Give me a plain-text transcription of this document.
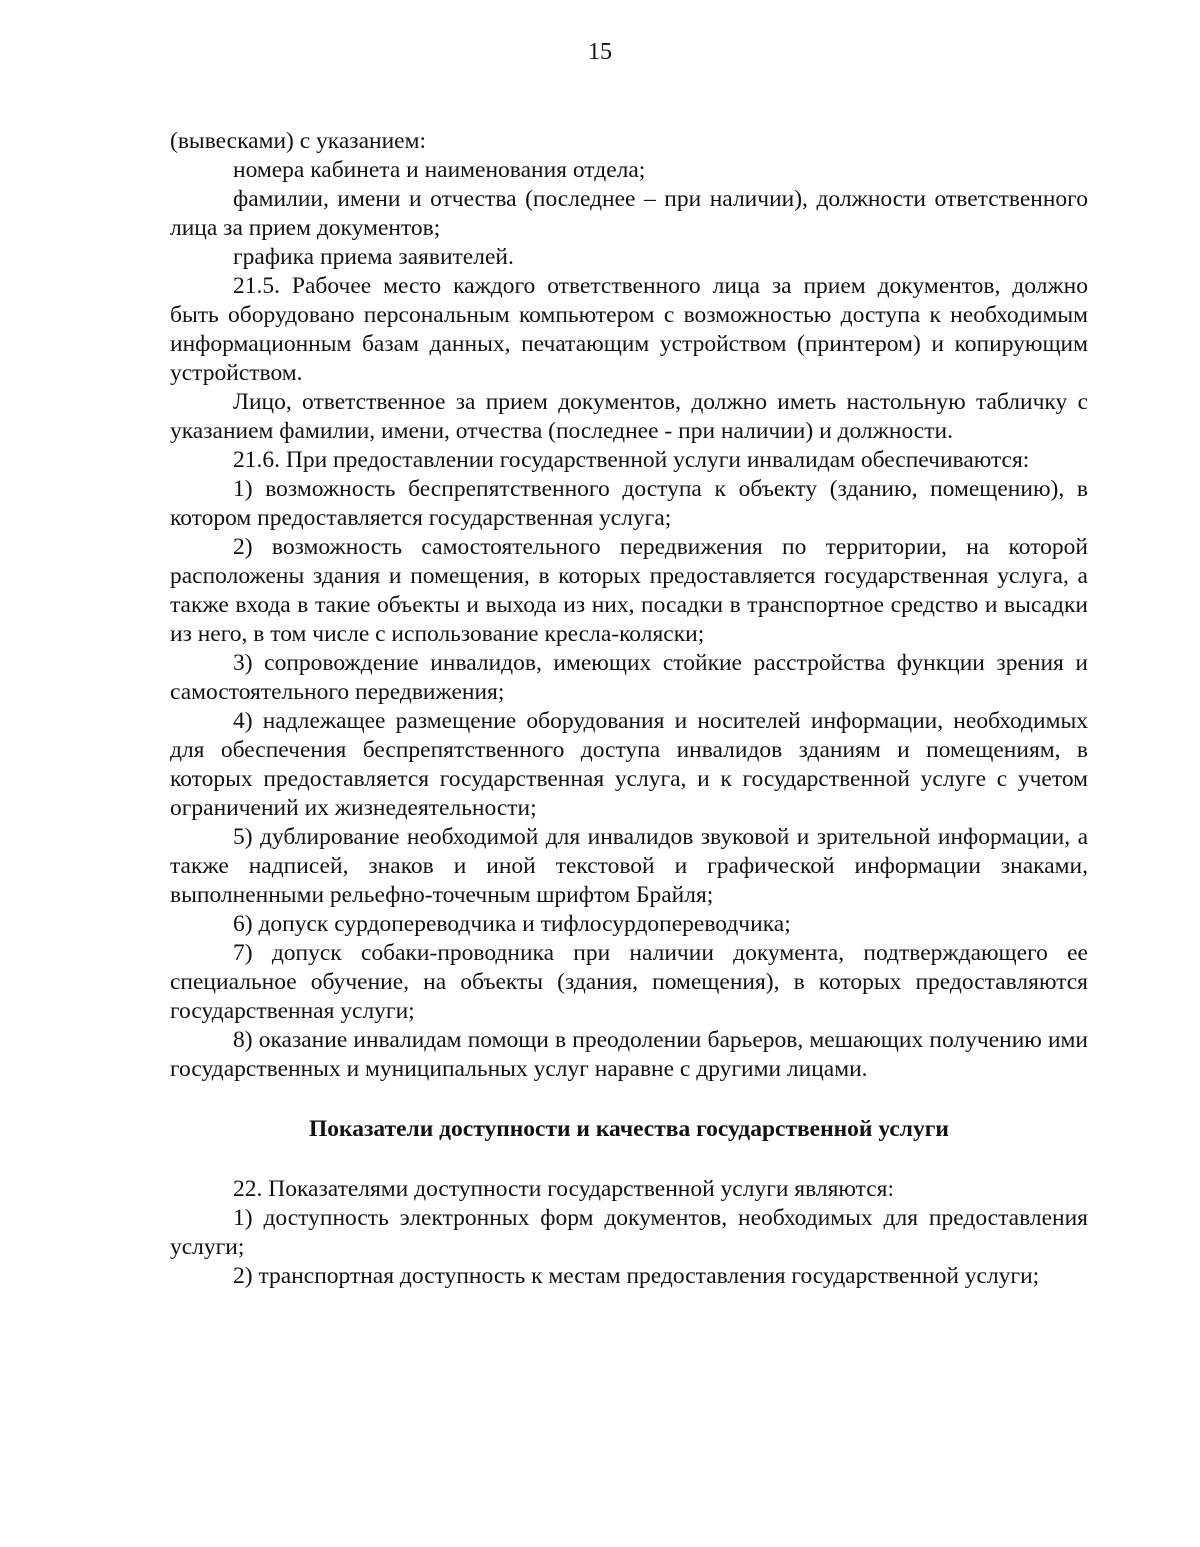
15

(вывесками) с указанием:

номера кабинета и наименования отдела;

фамилии, имени и отчества (последнее – при наличии), должности ответственного лица за прием документов;

графика приема заявителей.

21.5. Рабочее место каждого ответственного лица за прием документов, должно быть оборудовано персональным компьютером с возможностью доступа к необходимым информационным базам данных, печатающим устройством (принтером) и копирующим устройством.

Лицо, ответственное за прием документов, должно иметь настольную табличку с указанием фамилии, имени, отчества (последнее - при наличии) и должности.

21.6. При предоставлении государственной услуги инвалидам обеспечиваются:

1) возможность беспрепятственного доступа к объекту (зданию, помещению), в котором предоставляется государственная услуга;

2) возможность самостоятельного передвижения по территории, на которой расположены здания и помещения, в которых предоставляется государственная услуга, а также входа в такие объекты и выхода из них, посадки в транспортное средство и высадки из него, в том числе с использование кресла-коляски;

3) сопровождение инвалидов, имеющих стойкие расстройства функции зрения и самостоятельного передвижения;

4) надлежащее размещение оборудования и носителей информации, необходимых для обеспечения беспрепятственного доступа инвалидов зданиям и помещениям, в которых предоставляется государственная услуга, и к государственной услуге с учетом ограничений их жизнедеятельности;

5) дублирование необходимой для инвалидов звуковой и зрительной информации, а также надписей, знаков и иной текстовой и графической информации знаками, выполненными рельефно-точечным шрифтом Брайля;

6) допуск сурдопереводчика и тифлосурдопереводчика;

7) допуск собаки-проводника при наличии документа, подтверждающего ее специальное обучение, на объекты (здания, помещения), в которых предоставляются государственная услуги;

8) оказание инвалидам помощи в преодолении барьеров, мешающих получению ими государственных и муниципальных услуг наравне с другими лицами.

Показатели доступности и качества государственной услуги

22. Показателями доступности государственной услуги являются:

1) доступность электронных форм документов, необходимых для предоставления услуги;

2) транспортная доступность к местам предоставления государственной услуги;
